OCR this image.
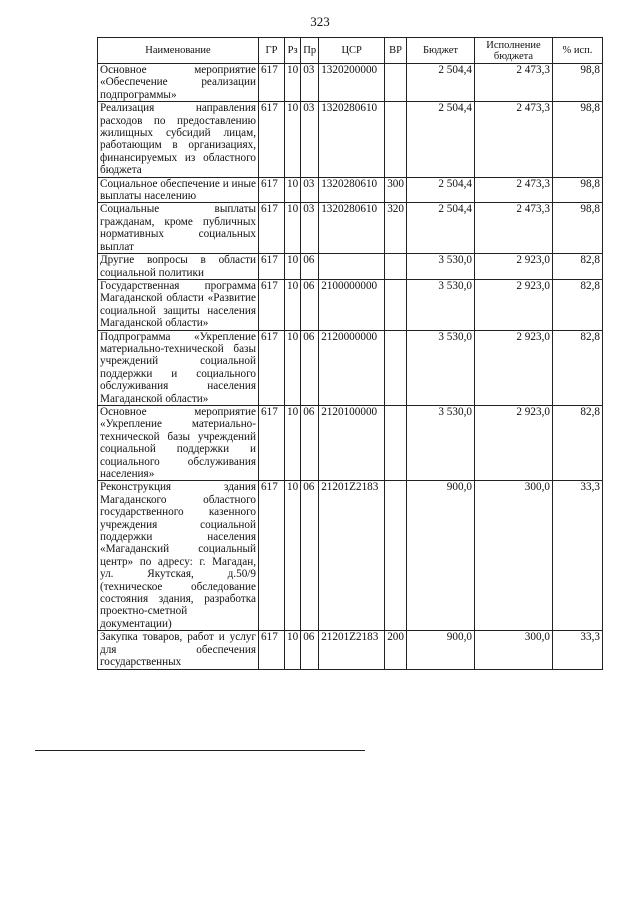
323
Наименование	ГР	Рз	Пр	ЦСР	ВР	Бюджет	Исполнение бюджета	% исп.
Основное мероприятие «Обеспечение реализации подпрограммы»	617	10	03	1320200000		2 504,4	2 473,3	98,8
Реализация направления расходов по предоставлению жилищных субсидий лицам, работающим в организациях, финансируемых из областного бюджета	617	10	03	1320280610		2 504,4	2 473,3	98,8
Социальное обеспечение и иные выплаты населению	617	10	03	1320280610	300	2 504,4	2 473,3	98,8
Социальные выплаты гражданам, кроме публичных нормативных социальных выплат	617	10	03	1320280610	320	2 504,4	2 473,3	98,8
Другие вопросы в области социальной политики	617	10	06			3 530,0	2 923,0	82,8
Государственная программа Магаданской области «Развитие социальной защиты населения Магаданской области»	617	10	06	2100000000		3 530,0	2 923,0	82,8
Подпрограмма «Укрепление материально-технической базы учреждений социальной поддержки и социального обслуживания населения Магаданской области»	617	10	06	2120000000		3 530,0	2 923,0	82,8
Основное мероприятие «Укрепление материально-технической базы учреждений социальной поддержки и социального обслуживания населения»	617	10	06	2120100000		3 530,0	2 923,0	82,8
Реконструкция здания Магаданского областного государственного казенного учреждения социальной поддержки населения «Магаданский социальный центр» по адресу: г. Магадан, ул. Якутская, д.50/9 (техническое обследование состояния здания, разработка проектно-сметной документации)	617	10	06	21201Z2183		900,0	300,0	33,3
Закупка товаров, работ и услуг для обеспечения государственных	617	10	06	21201Z2183	200	900,0	300,0	33,3
